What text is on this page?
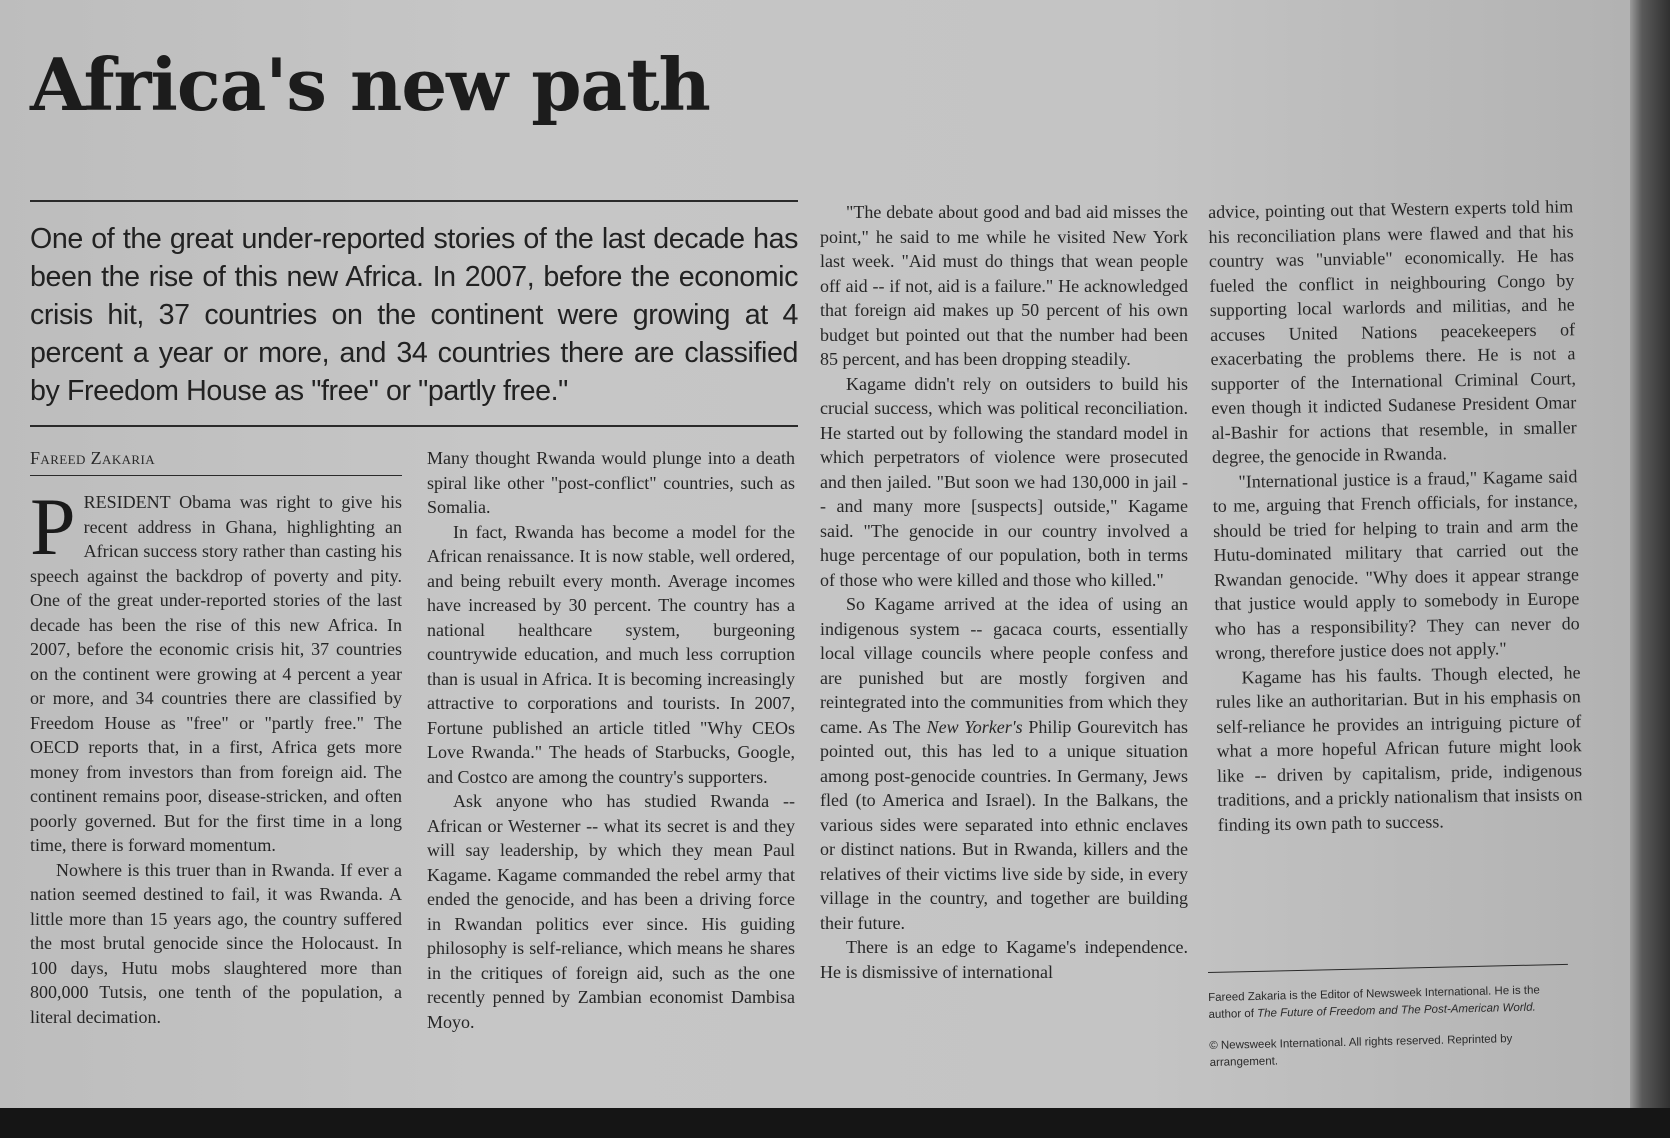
Africa's new path

One of the great under-reported stories of the last decade has been the rise of this new Africa. In 2007, before the economic crisis hit, 37 countries on the continent were growing at 4 percent a year or more, and 34 countries there are classified by Freedom House as "free" or "partly free."

Fareed Zakaria

PRESIDENT Obama was right to give his recent address in Ghana, highlighting an African success story rather than casting his speech against the backdrop of poverty and pity. One of the great under-reported stories of the last decade has been the rise of this new Africa. In 2007, before the economic crisis hit, 37 countries on the continent were growing at 4 percent a year or more, and 34 countries there are classified by Freedom House as "free" or "partly free." The OECD reports that, in a first, Africa gets more money from investors than from foreign aid. The continent remains poor, disease-stricken, and often poorly governed. But for the first time in a long time, there is forward momentum.

Nowhere is this truer than in Rwanda. If ever a nation seemed destined to fail, it was Rwanda. A little more than 15 years ago, the country suffered the most brutal genocide since the Holocaust. In 100 days, Hutu mobs slaughtered more than 800,000 Tutsis, one tenth of the population, a literal decimation.

Many thought Rwanda would plunge into a death spiral like other "post-conflict" countries, such as Somalia.

In fact, Rwanda has become a model for the African renaissance. It is now stable, well ordered, and being rebuilt every month. Average incomes have increased by 30 percent. The country has a national healthcare system, burgeoning countrywide education, and much less corruption than is usual in Africa. It is becoming increasingly attractive to corporations and tourists. In 2007, Fortune published an article titled "Why CEOs Love Rwanda." The heads of Starbucks, Google, and Costco are among the country's supporters.

Ask anyone who has studied Rwanda -- African or Westerner -- what its secret is and they will say leadership, by which they mean Paul Kagame. Kagame commanded the rebel army that ended the genocide, and has been a driving force in Rwandan politics ever since. His guiding philosophy is self-reliance, which means he shares in the critiques of foreign aid, such as the one recently penned by Zambian economist Dambisa Moyo.

"The debate about good and bad aid misses the point," he said to me while he visited New York last week. "Aid must do things that wean people off aid -- if not, aid is a failure." He acknowledged that foreign aid makes up 50 percent of his own budget but pointed out that the number had been 85 percent, and has been dropping steadily.

Kagame didn't rely on outsiders to build his crucial success, which was political reconciliation. He started out by following the standard model in which perpetrators of violence were prosecuted and then jailed. "But soon we had 130,000 in jail -- and many more [suspects] outside," Kagame said. "The genocide in our country involved a huge percentage of our population, both in terms of those who were killed and those who killed."

So Kagame arrived at the idea of using an indigenous system -- gacaca courts, essentially local village councils where people confess and are punished but are mostly forgiven and reintegrated into the communities from which they came. As The New Yorker's Philip Gourevitch has pointed out, this has led to a unique situation among post-genocide countries. In Germany, Jews fled (to America and Israel). In the Balkans, the various sides were separated into ethnic enclaves or distinct nations. But in Rwanda, killers and the relatives of their victims live side by side, in every village in the country, and together are building their future.

There is an edge to Kagame's independence. He is dismissive of international

advice, pointing out that Western experts told him his reconciliation plans were flawed and that his country was "unviable" economically. He has fueled the conflict in neighbouring Congo by supporting local warlords and militias, and he accuses United Nations peacekeepers of exacerbating the problems there. He is not a supporter of the International Criminal Court, even though it indicted Sudanese President Omar al-Bashir for actions that resemble, in smaller degree, the genocide in Rwanda.

"International justice is a fraud," Kagame said to me, arguing that French officials, for instance, should be tried for helping to train and arm the Hutu-dominated military that carried out the Rwandan genocide. "Why does it appear strange that justice would apply to somebody in Europe who has a responsibility? They can never do wrong, therefore justice does not apply."

Kagame has his faults. Though elected, he rules like an authoritarian. But in his emphasis on self-reliance he provides an intriguing picture of what a more hopeful African future might look like -- driven by capitalism, pride, indigenous traditions, and a prickly nationalism that insists on finding its own path to success.

Fareed Zakaria is the Editor of Newsweek International. He is the author of The Future of Freedom and The Post-American World.

© Newsweek International. All rights reserved. Reprinted by arrangement.
